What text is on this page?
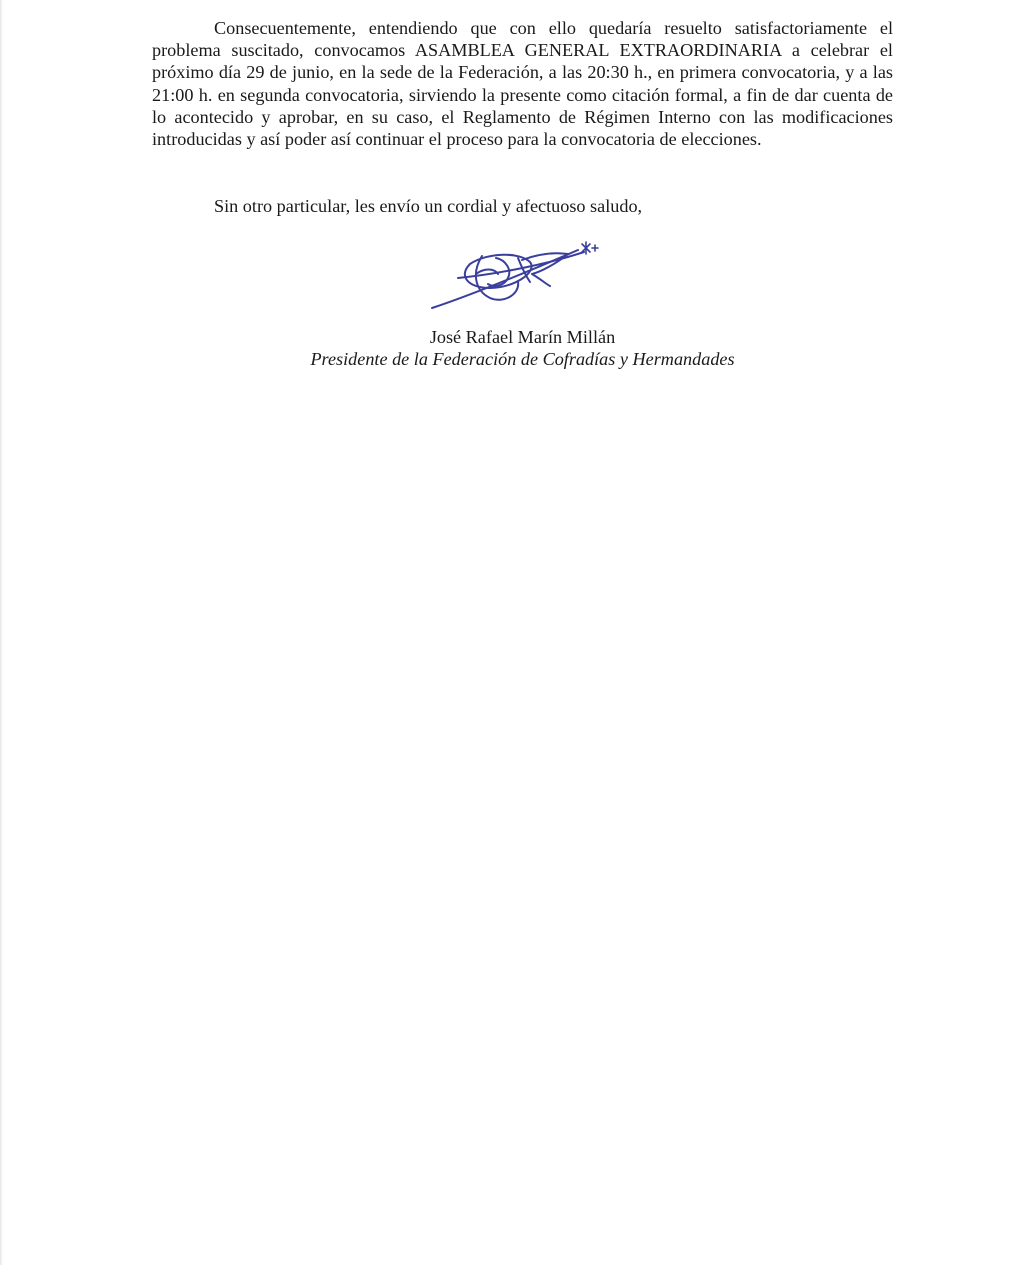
Consecuentemente, entendiendo que con ello quedaría resuelto satisfactoriamente el problema suscitado, convocamos ASAMBLEA GENERAL EXTRAORDINARIA a celebrar el próximo día 29 de junio, en la sede de la Federación, a las 20:30 h., en primera convocatoria, y a las 21:00 h. en segunda convocatoria, sirviendo la presente como citación formal, a fin de dar cuenta de lo acontecido y aprobar, en su caso, el Reglamento de Régimen Interno con las modificaciones introducidas y así poder así continuar el proceso para la convocatoria de elecciones.

Sin otro particular, les envío un cordial y afectuoso saludo,

José Rafael Marín Millán

Presidente de la Federación de Cofradías y Hermandades
